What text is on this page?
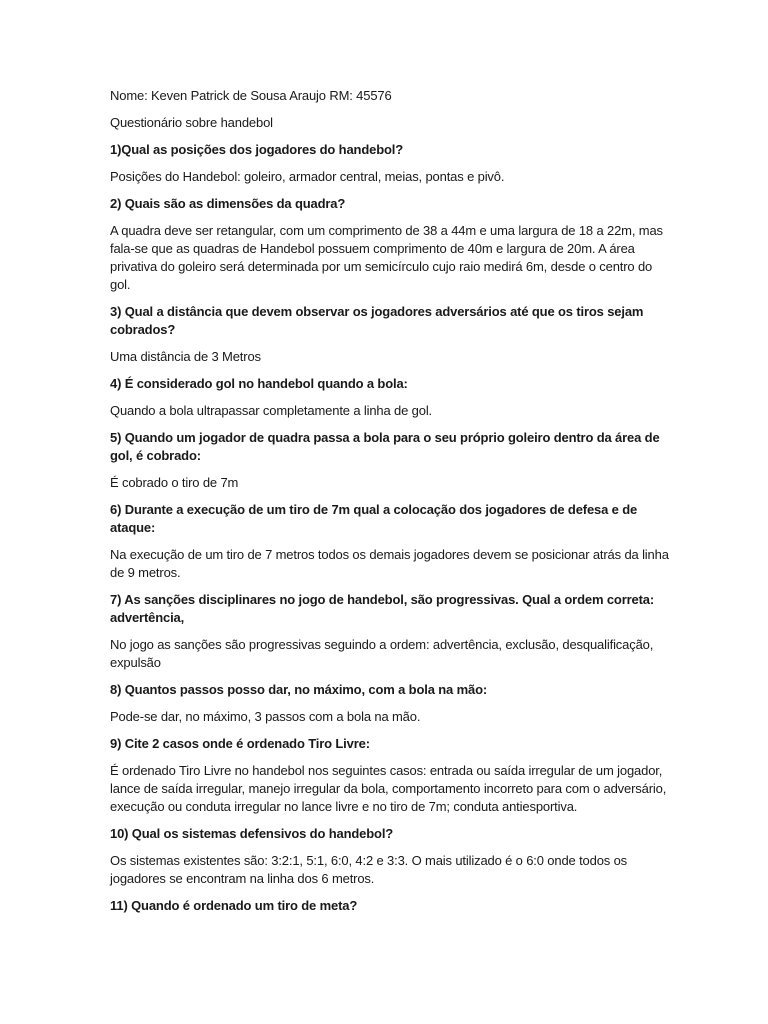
Nome: Keven Patrick de Sousa Araujo RM: 45576

Questionário sobre handebol

1)Qual as posições dos jogadores do handebol?

Posições do Handebol: goleiro, armador central, meias, pontas e pivô.

2) Quais são as dimensões da quadra?

A quadra deve ser retangular, com um comprimento de 38 a 44m e uma largura de 18 a 22m, mas fala-se que as quadras de Handebol possuem comprimento de 40m e largura de 20m. A área privativa do goleiro será determinada por um semicírculo cujo raio medirá 6m, desde o centro do gol.

3) Qual a distância que devem observar os jogadores adversários até que os tiros sejam cobrados?

Uma distância de 3 Metros

4) É considerado gol no handebol quando a bola:

Quando a bola ultrapassar completamente a linha de gol.

5) Quando um jogador de quadra passa a bola para o seu próprio goleiro dentro da área de gol, é cobrado:

É cobrado o tiro de 7m

6) Durante a execução de um tiro de 7m qual a colocação dos jogadores de defesa e de ataque:

Na execução de um tiro de 7 metros todos os demais jogadores devem se posicionar atrás da linha de 9 metros.

7) As sanções disciplinares no jogo de handebol, são progressivas. Qual a ordem correta: advertência,

No jogo as sanções são progressivas seguindo a ordem: advertência, exclusão, desqualificação, expulsão

8) Quantos passos posso dar, no máximo, com a bola na mão:

Pode-se dar, no máximo, 3 passos com a bola na mão.

9) Cite 2 casos onde é ordenado Tiro Livre:

É ordenado Tiro Livre no handebol nos seguintes casos: entrada ou saída irregular de um jogador, lance de saída irregular, manejo irregular da bola, comportamento incorreto para com o adversário, execução ou conduta irregular no lance livre e no tiro de 7m; conduta antiesportiva.

10) Qual os sistemas defensivos do handebol?

Os sistemas existentes são: 3:2:1, 5:1, 6:0, 4:2 e 3:3. O mais utilizado é o 6:0 onde todos os jogadores se encontram na linha dos 6 metros.

11) Quando é ordenado um tiro de meta?
